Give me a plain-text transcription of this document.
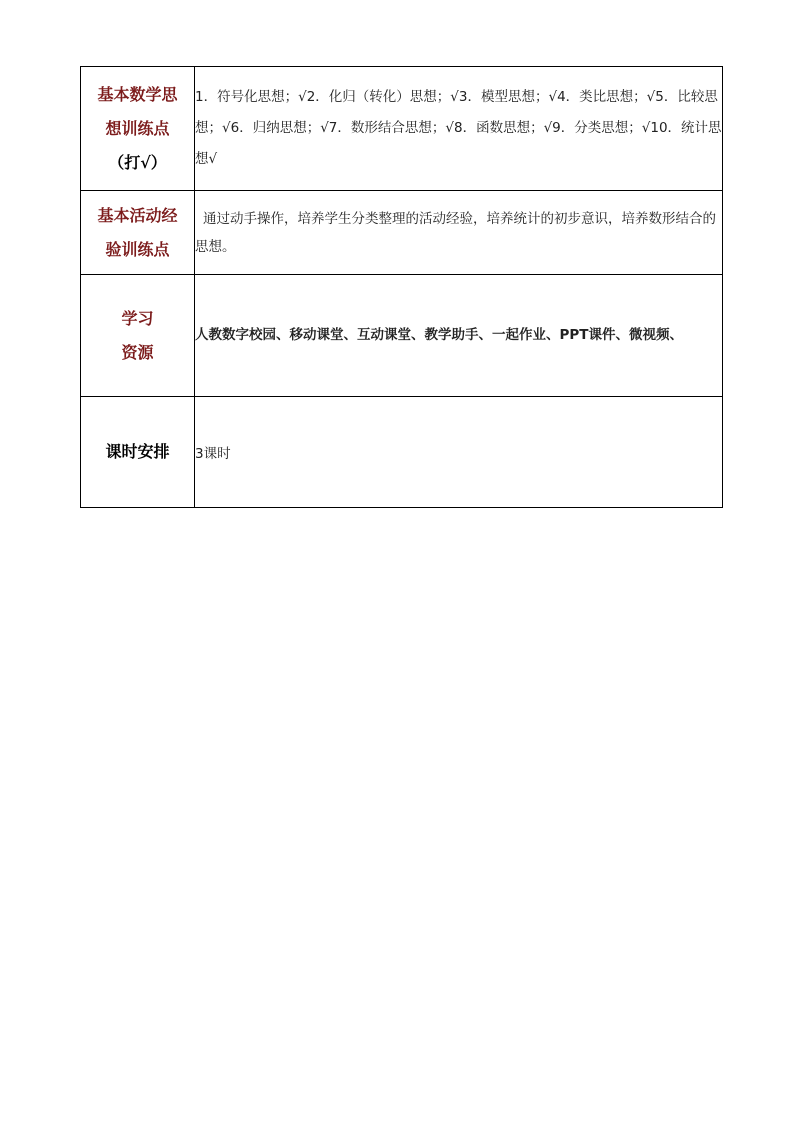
基本数学思
想训练点
（打√）	1．符号化思想；√2．化归（转化）思想；√3．模型思想；√4．类比思想；√5．比较思想；√6．归纳思想；√7．数形结合思想；√8．函数思想；√9．分类思想；√10．统计思想√

基本活动经
验训练点	通过动手操作，培养学生分类整理的活动经验，培养统计的初步意识，培养数形结合的思想。

学习
资源	人教数字校园、移动课堂、互动课堂、教学助手、一起作业、PPT课件、微视频、

课时安排	3课时
